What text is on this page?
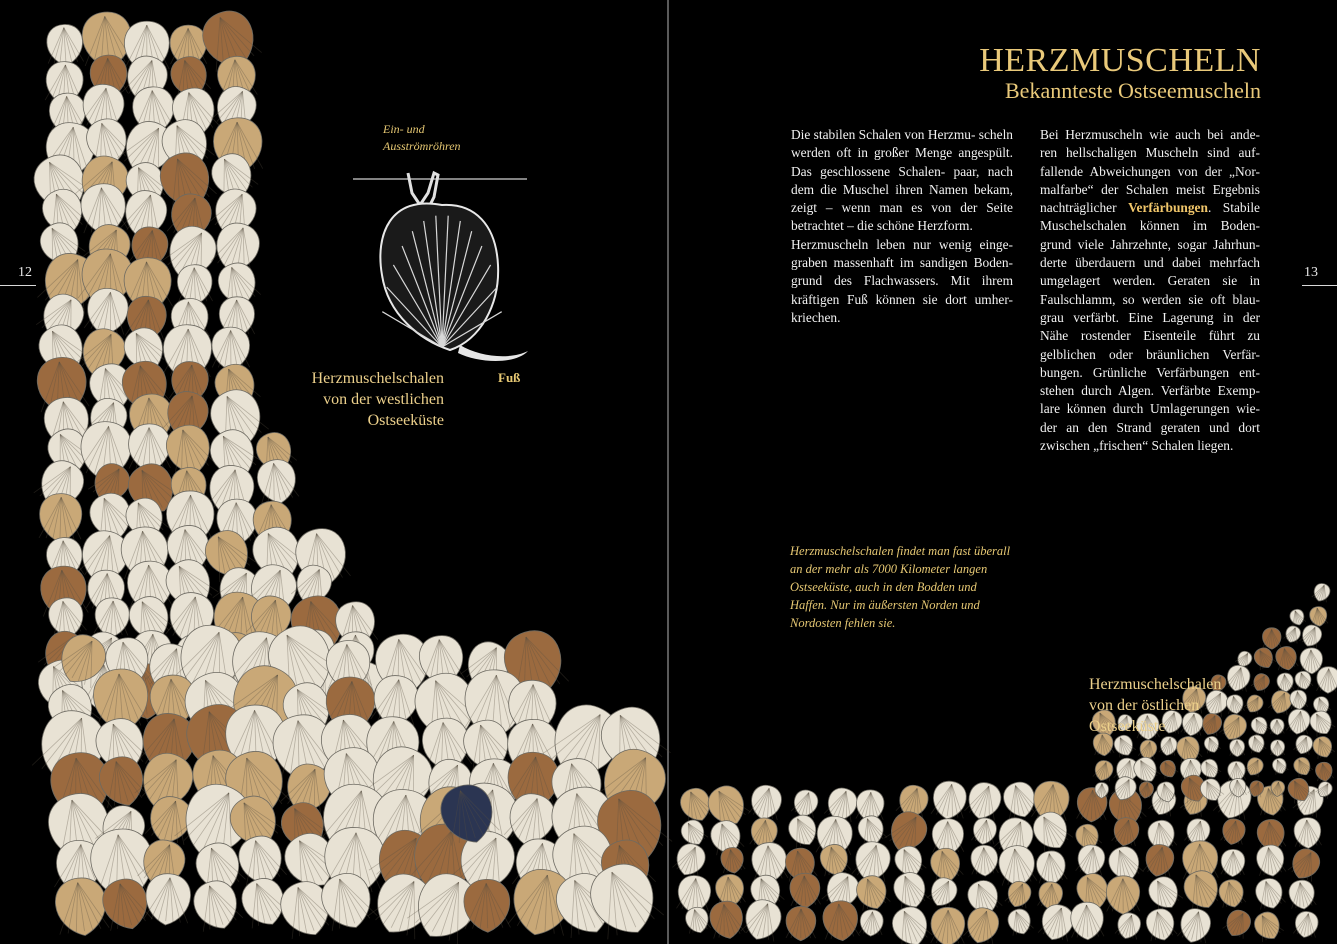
12	13
HERZMUSCHELN
Bekannteste Ostseemuscheln
Ein- und
Ausströmröhren
Fuß
Herzmuschelschalen
von der westlichen
Ostseeküste
Herzmuschelschalen
von der östlichen
Ostseeküste

Die stabilen Schalen von Herzmu- scheln werden oft in großer Menge angespült. Das geschlossene Schalen- paar, nach dem die Muschel ihren Namen bekam, zeigt – wenn man es von der Seite betrachtet – die schöne Herzform.

Herzmuscheln leben nur wenig einge- graben massenhaft im sandigen Boden- grund des Flachwassers. Mit ihrem kräftigen Fuß können sie dort umher- kriechen.

Bei Herzmuscheln wie auch bei ande- ren hellschaligen Muscheln sind auf- fallende Abweichungen von der „Nor- malfarbe“ der Schalen meist Ergebnis nachträglicher Verfärbungen. Stabile Muschelschalen können im Boden- grund viele Jahrzehnte, sogar Jahrhun- derte überdauern und dabei mehrfach umgelagert werden. Geraten sie in Faulschlamm, so werden sie oft blau- grau verfärbt. Eine Lagerung in der Nähe rostender Eisenteile führt zu gelblichen oder bräunlichen Verfär- bungen. Grünliche Verfärbungen ent- stehen durch Algen. Verfärbte Exemp- lare können durch Umlagerungen wie- der an den Strand geraten und dort zwischen „frischen“ Schalen liegen.

Herzmuschelschalen findet man fast überall an der mehr als 7000 Kilometer langen Ostseeküste, auch in den Bodden und Haffen. Nur im äußersten Norden und Nordosten fehlen sie.
